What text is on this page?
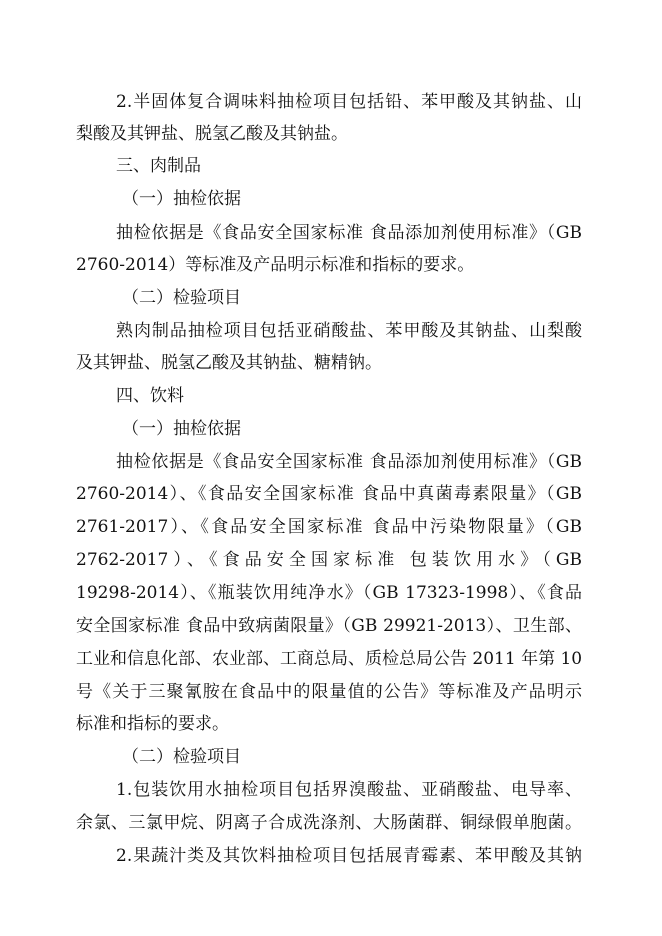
2.半固体复合调味料抽检项目包括铅、苯甲酸及其钠盐、山
梨酸及其钾盐、脱氢乙酸及其钠盐。
三、肉制品
（一）抽检依据
抽检依据是《食品安全国家标准 食品添加剂使用标准》（GB
2760-2014）等标准及产品明示标准和指标的要求。
（二）检验项目
熟肉制品抽检项目包括亚硝酸盐、苯甲酸及其钠盐、山梨酸
及其钾盐、脱氢乙酸及其钠盐、糖精钠。
四、饮料
（一）抽检依据
抽检依据是《食品安全国家标准 食品添加剂使用标准》（GB
2760-2014）、《食品安全国家标准 食品中真菌毒素限量》（GB
2761-2017）、《食品安全国家标准 食品中污染物限量》（GB
2762-2017）、《食品安全国家标准 包装饮用水》（GB
19298-2014）、《瓶装饮用纯净水》（GB 17323-1998）、《食品
安全国家标准 食品中致病菌限量》（GB 29921-2013）、卫生部、
工业和信息化部、农业部、工商总局、质检总局公告 2011 年第 10
号《关于三聚氰胺在食品中的限量值的公告》等标准及产品明示
标准和指标的要求。
（二）检验项目
1.包装饮用水抽检项目包括界溴酸盐、亚硝酸盐、电导率、
余氯、三氯甲烷、阴离子合成洗涤剂、大肠菌群、铜绿假单胞菌。
2.果蔬汁类及其饮料抽检项目包括展青霉素、苯甲酸及其钠
